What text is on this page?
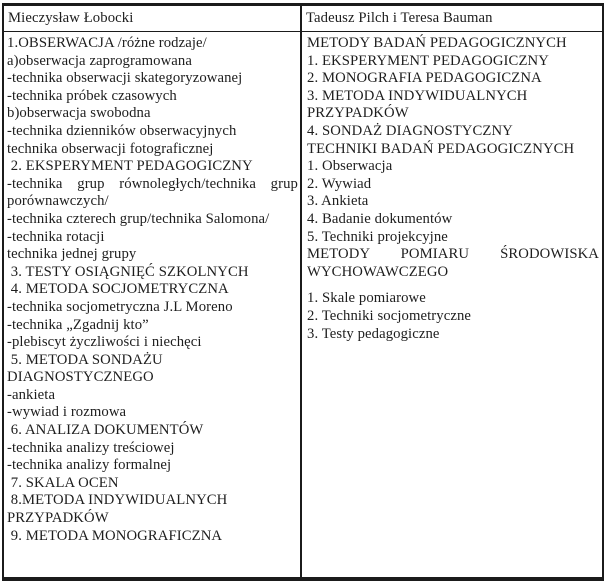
Mieczysław Łobocki	Tadeusz Pilch i Teresa Bauman
1.OBSERWACJA /różne rodzaje/
a)obserwacja zaprogramowana
-technika obserwacji skategoryzowanej
-technika próbek czasowych
b)obserwacja swobodna
-technika dzienników obserwacyjnych
technika obserwacji fotograficznej
2. EKSPERYMENT PEDAGOGICZNY
-technika grup równoległych/technika grup
porównawczych/
-technika czterech grup/technika Salomona/
-technika rotacji
technika jednej grupy
3. TESTY OSIĄGNIĘĆ SZKOLNYCH
4. METODA SOCJOMETRYCZNA
-technika socjometryczna J.L Moreno
-technika „Zgadnij kto”
-plebiscyt życzliwości i niechęci
5. METODA SONDAŻU
DIAGNOSTYCZNEGO
-ankieta
-wywiad i rozmowa
6. ANALIZA DOKUMENTÓW
-technika analizy treściowej
-technika analizy formalnej
7. SKALA OCEN
8.METODA INDYWIDUALNYCH
PRZYPADKÓW
9. METODA MONOGRAFICZNA
METODY BADAŃ PEDAGOGICZNYCH
1. EKSPERYMENT PEDAGOGICZNY
2. MONOGRAFIA PEDAGOGICZNA
3. METODA INDYWIDUALNYCH
PRZYPADKÓW
4. SONDAŻ DIAGNOSTYCZNY
TECHNIKI BADAŃ PEDAGOGICZNYCH
1. Obserwacja
2. Wywiad
3. Ankieta
4. Badanie dokumentów
5. Techniki projekcyjne
METODY POMIARU ŚRODOWISKA
WYCHOWAWCZEGO
1. Skale pomiarowe
2. Techniki socjometryczne
3. Testy pedagogiczne
